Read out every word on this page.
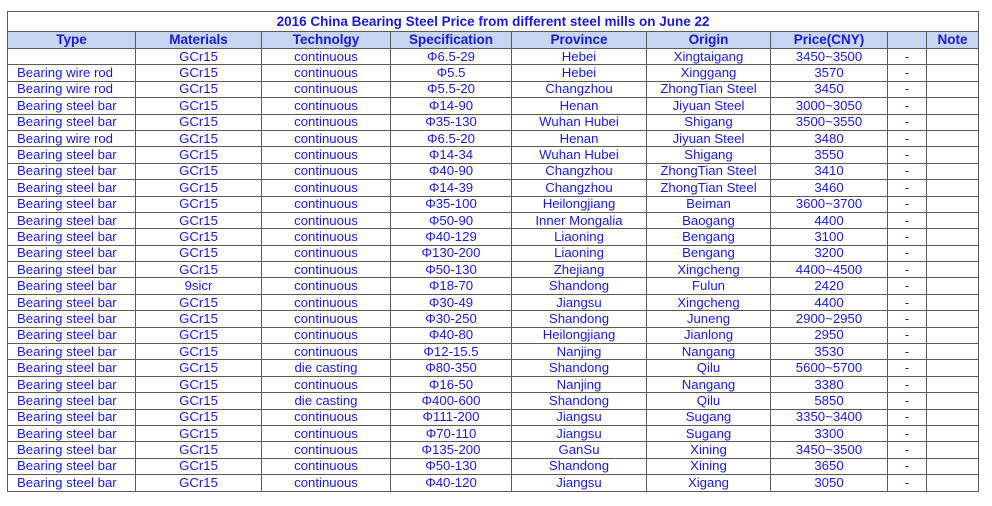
2016 China Bearing Steel Price from different steel mills on June 22								
Type	Materials	Technolgy	Specification	Province	Origin	Price(CNY)		Note
	GCr15	continuous	Φ6.5-29	Hebei	Xingtaigang	3450~3500	-	
Bearing wire rod	GCr15	continuous	Φ5.5	Hebei	Xinggang	3570	-	
Bearing wire rod	GCr15	continuous	Φ5.5-20	Changzhou	ZhongTian Steel	3450	-	
Bearing steel bar	GCr15	continuous	Φ14-90	Henan	Jiyuan Steel	3000~3050	-	
Bearing steel bar	GCr15	continuous	Φ35-130	Wuhan Hubei	Shigang	3500~3550	-	
Bearing wire rod	GCr15	continuous	Φ6.5-20	Henan	Jiyuan Steel	3480	-	
Bearing steel bar	GCr15	continuous	Φ14-34	Wuhan Hubei	Shigang	3550	-	
Bearing steel bar	GCr15	continuous	Φ40-90	Changzhou	ZhongTian Steel	3410	-	
Bearing steel bar	GCr15	continuous	Φ14-39	Changzhou	ZhongTian Steel	3460	-	
Bearing steel bar	GCr15	continuous	Φ35-100	Heilongjiang	Beiman	3600~3700	-	
Bearing steel bar	GCr15	continuous	Φ50-90	Inner Mongalia	Baogang	4400	-	
Bearing steel bar	GCr15	continuous	Φ40-129	Liaoning	Bengang	3100	-	
Bearing steel bar	GCr15	continuous	Φ130-200	Liaoning	Bengang	3200	-	
Bearing steel bar	GCr15	continuous	Φ50-130	Zhejiang	Xingcheng	4400~4500	-	
Bearing steel bar	9sicr	continuous	Φ18-70	Shandong	Fulun	2420	-	
Bearing steel bar	GCr15	continuous	Φ30-49	Jiangsu	Xingcheng	4400	-	
Bearing steel bar	GCr15	continuous	Φ30-250	Shandong	Juneng	2900~2950	-	
Bearing steel bar	GCr15	continuous	Φ40-80	Heilongjiang	Jianlong	2950	-	
Bearing steel bar	GCr15	continuous	Φ12-15.5	Nanjing	Nangang	3530	-	
Bearing steel bar	GCr15	die casting	Φ80-350	Shandong	Qilu	5600~5700	-	
Bearing steel bar	GCr15	continuous	Φ16-50	Nanjing	Nangang	3380	-	
Bearing steel bar	GCr15	die casting	Φ400-600	Shandong	Qilu	5850	-	
Bearing steel bar	GCr15	continuous	Φ111-200	Jiangsu	Sugang	3350~3400	-	
Bearing steel bar	GCr15	continuous	Φ70-110	Jiangsu	Sugang	3300	-	
Bearing steel bar	GCr15	continuous	Φ135-200	GanSu	Xining	3450~3500	-	
Bearing steel bar	GCr15	continuous	Φ50-130	Shandong	Xining	3650	-	
Bearing steel bar	GCr15	continuous	Φ40-120	Jiangsu	Xigang	3050	-	
